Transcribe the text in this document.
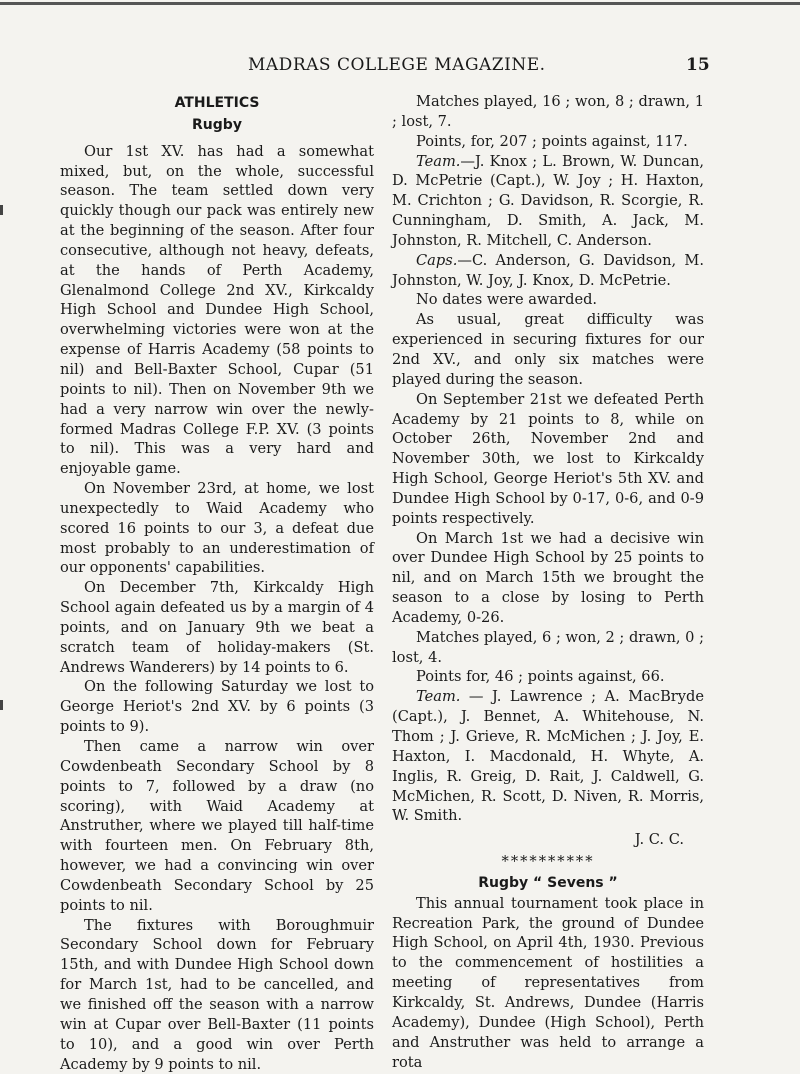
MADRAS COLLEGE MAGAZINE.	15
ATHLETICS
Rugby

Our 1st XV. has had a somewhat mixed, but, on the whole, successful season. The team settled down very quickly though our pack was entirely new at the beginning of the season. After four consecutive, although not heavy, defeats, at the hands of Perth Academy, Glenalmond College 2nd XV., Kirkcaldy High School and Dundee High School, overwhelming victories were won at the expense of Harris Academy (58 points to nil) and Bell-Baxter School, Cupar (51 points to nil). Then on November 9th we had a very narrow win over the newly-formed Madras College F.P. XV. (3 points to nil). This was a very hard and enjoyable game.

On November 23rd, at home, we lost unexpectedly to Waid Academy who scored 16 points to our 3, a defeat due most probably to an underestimation of our opponents' capabilities.

On December 7th, Kirkcaldy High School again defeated us by a margin of 4 points, and on January 9th we beat a scratch team of holiday-makers (St. Andrews Wanderers) by 14 points to 6.

On the following Saturday we lost to George Heriot's 2nd XV. by 6 points (3 points to 9).

Then came a narrow win over Cowdenbeath Secondary School by 8 points to 7, followed by a draw (no scoring), with Waid Academy at Anstruther, where we played till half-time with fourteen men. On February 8th, however, we had a convincing win over Cowdenbeath Secondary School by 25 points to nil.

The fixtures with Boroughmuir Secondary School down for February 15th, and with Dundee High School down for March 1st, had to be cancelled, and we finished off the season with a narrow win at Cupar over Bell-Baxter (11 points to 10), and a good win over Perth Academy by 9 points to nil.

Matches played, 16 ; won, 8 ; drawn, 1 ; lost, 7.

Points, for, 207 ; points against, 117.

Team.—J. Knox ; L. Brown, W. Duncan, D. McPetrie (Capt.), W. Joy ; H. Haxton, M. Crichton ; G. Davidson, R. Scorgie, R. Cunningham, D. Smith, A. Jack, M. Johnston, R. Mitchell, C. Anderson.

Caps.—C. Anderson, G. Davidson, M. Johnston, W. Joy, J. Knox, D. McPetrie.

No dates were awarded.

As usual, great difficulty was experienced in securing fixtures for our 2nd XV., and only six matches were played during the season.

On September 21st we defeated Perth Academy by 21 points to 8, while on October 26th, November 2nd and November 30th, we lost to Kirkcaldy High School, George Heriot's 5th XV. and Dundee High School by 0-17, 0-6, and 0-9 points respectively.

On March 1st we had a decisive win over Dundee High School by 25 points to nil, and on March 15th we brought the season to a close by losing to Perth Academy, 0-26.

Matches played, 6 ; won, 2 ; drawn, 0 ; lost, 4.

Points for, 46 ; points against, 66.

Team. — J. Lawrence ; A. MacBryde (Capt.), J. Bennet, A. Whitehouse, N. Thom ; J. Grieve, R. McMichen ; J. Joy, E. Haxton, I. Macdonald, H. Whyte, A. Inglis, R. Greig, D. Rait, J. Caldwell, G. McMichen, R. Scott, D. Niven, R. Morris, W. Smith.

J. C. C.
**********
Rugby “ Sevens ”

This annual tournament took place in Recreation Park, the ground of Dundee High School, on April 4th, 1930. Previous to the commencement of hostilities a meeting of representatives from Kirkcaldy, St. Andrews, Dundee (Harris Academy), Dundee (High School), Perth and Anstruther was held to arrange a rota
